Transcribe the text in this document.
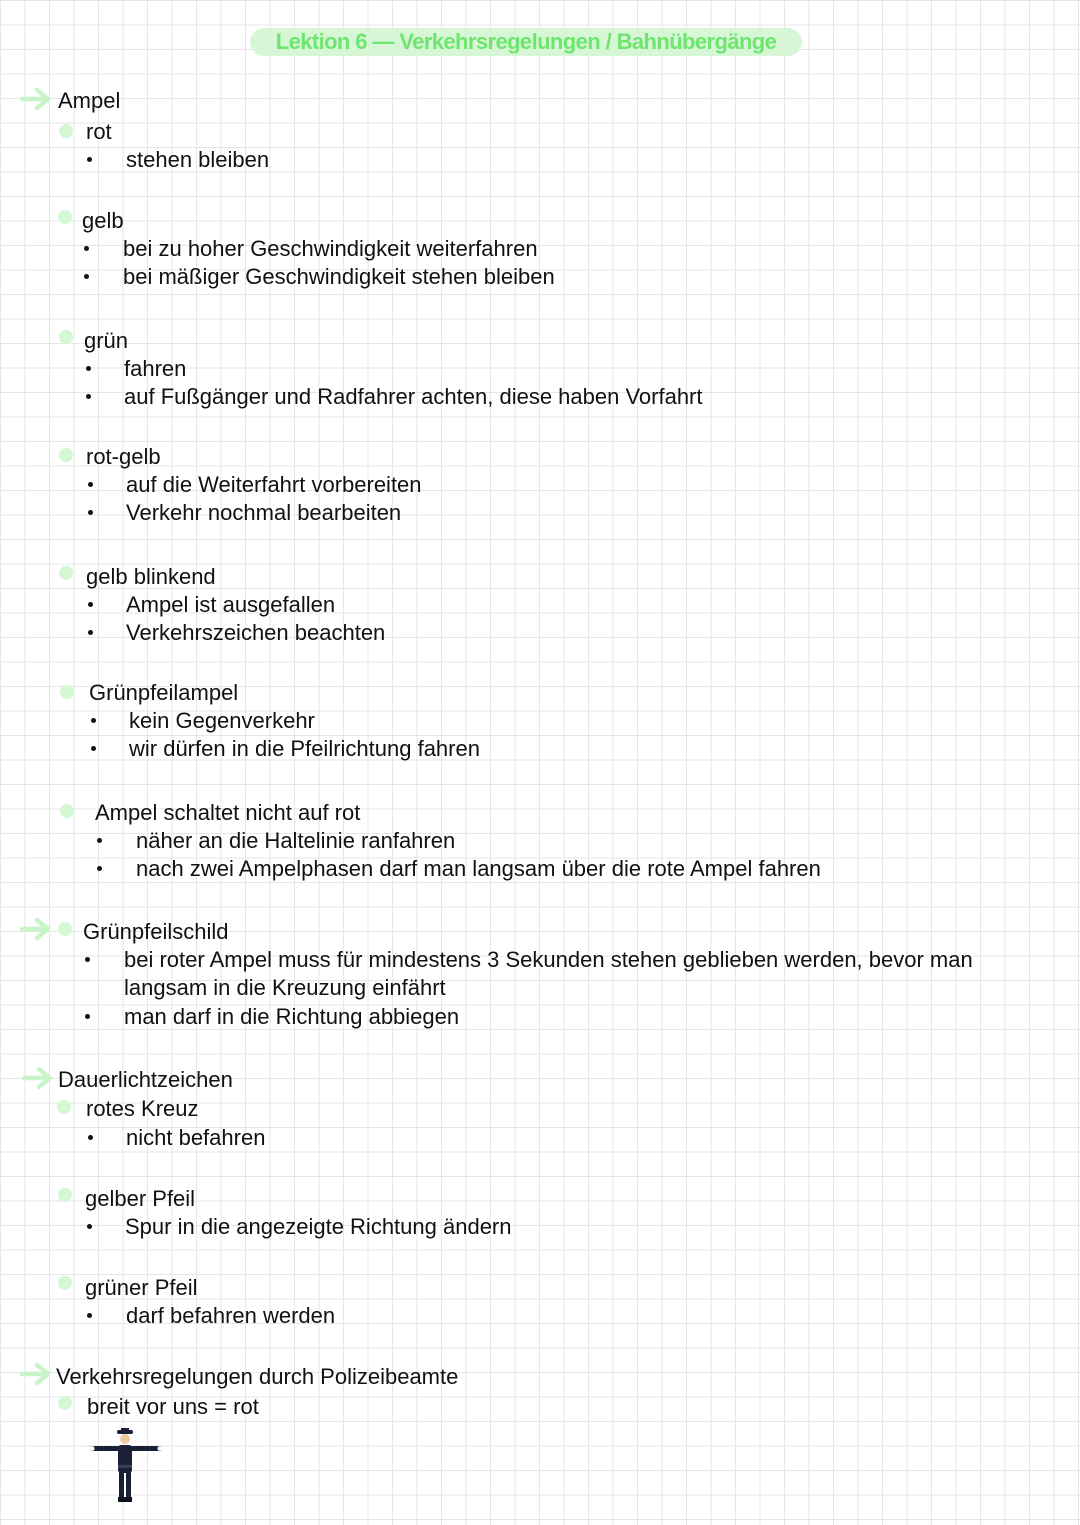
Lektion 6 — Verkehrsregelungen / Bahnübergänge
Ampel
rot
stehen bleiben
gelb
bei zu hoher Geschwindigkeit weiterfahren
bei mäßiger Geschwindigkeit stehen bleiben
grün
fahren
auf Fußgänger und Radfahrer achten, diese haben Vorfahrt
rot-gelb
auf die Weiterfahrt vorbereiten
Verkehr nochmal bearbeiten
gelb blinkend
Ampel ist ausgefallen
Verkehrszeichen beachten
Grünpfeilampel
kein Gegenverkehr
wir dürfen in die Pfeilrichtung fahren
Ampel schaltet nicht auf rot
näher an die Haltelinie ranfahren
nach zwei Ampelphasen darf man langsam über die rote Ampel fahren
Grünpfeilschild
bei roter Ampel muss für mindestens 3 Sekunden stehen geblieben werden, bevor man
langsam in die Kreuzung einfährt
man darf in die Richtung abbiegen
Dauerlichtzeichen
rotes Kreuz
nicht befahren
gelber Pfeil
Spur in die angezeigte Richtung ändern
grüner Pfeil
darf befahren werden
Verkehrsregelungen durch Polizeibeamte
breit vor uns = rot
